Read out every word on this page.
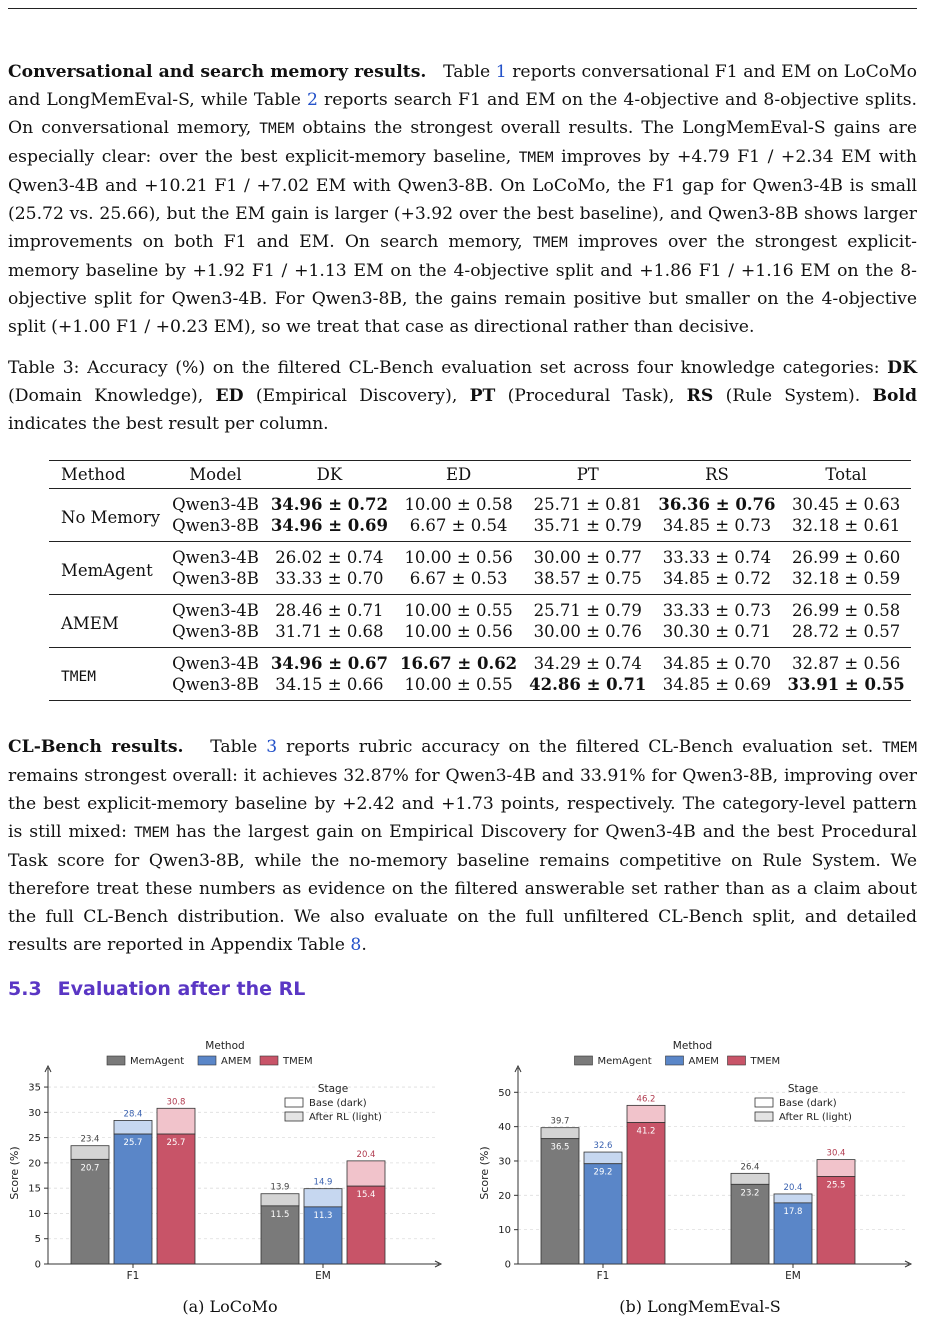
Conversational and search memory results. Table 1 reports conversational F1 and EM on LoCoMo and LongMemEval-S, while Table 2 reports search F1 and EM on the 4-objective and 8-objective splits. On conversational memory, TMEM obtains the strongest overall results. The LongMemEval-S gains are especially clear: over the best explicit-memory baseline, TMEM improves by +4.79 F1 / +2.34 EM with Qwen3-4B and +10.21 F1 / +7.02 EM with Qwen3-8B. On LoCoMo, the F1 gap for Qwen3-4B is small (25.72 vs. 25.66), but the EM gain is larger (+3.92 over the best baseline), and Qwen3-8B shows larger improvements on both F1 and EM. On search memory, TMEM improves over the strongest explicit-memory baseline by +1.92 F1 / +1.13 EM on the 4-objective split and +1.86 F1 / +1.16 EM on the 8-objective split for Qwen3-4B. For Qwen3-8B, the gains remain positive but smaller on the 4-objective split (+1.00 F1 / +0.23 EM), so we treat that case as directional rather than decisive.

Table 3: Accuracy (%) on the filtered CL-Bench evaluation set across four knowledge categories: DK (Domain Knowledge), ED (Empirical Discovery), PT (Procedural Task), RS (Rule System). Bold indicates the best result per column.

Method	Model	DK	ED	PT	RS	Total
No Memory	Qwen3-4B	34.96 ± 0.72	10.00 ± 0.58	25.71 ± 0.81	36.36 ± 0.76	30.45 ± 0.63
	Qwen3-8B	34.96 ± 0.69	6.67 ± 0.54	35.71 ± 0.79	34.85 ± 0.73	32.18 ± 0.61
MemAgent	Qwen3-4B	26.02 ± 0.74	10.00 ± 0.56	30.00 ± 0.77	33.33 ± 0.74	26.99 ± 0.60
	Qwen3-8B	33.33 ± 0.70	6.67 ± 0.53	38.57 ± 0.75	34.85 ± 0.72	32.18 ± 0.59
AMEM	Qwen3-4B	28.46 ± 0.71	10.00 ± 0.55	25.71 ± 0.79	33.33 ± 0.73	26.99 ± 0.58
	Qwen3-8B	31.71 ± 0.68	10.00 ± 0.56	30.00 ± 0.76	30.30 ± 0.71	28.72 ± 0.57
TMEM	Qwen3-4B	34.96 ± 0.67	16.67 ± 0.62	34.29 ± 0.74	34.85 ± 0.70	32.87 ± 0.56
	Qwen3-8B	34.15 ± 0.66	10.00 ± 0.55	42.86 ± 0.71	34.85 ± 0.69	33.91 ± 0.55

CL-Bench results. Table 3 reports rubric accuracy on the filtered CL-Bench evaluation set. TMEM remains strongest overall: it achieves 32.87% for Qwen3-4B and 33.91% for Qwen3-8B, improving over the best explicit-memory baseline by +2.42 and +1.73 points, respectively. The category-level pattern is still mixed: TMEM has the largest gain on Empirical Discovery for Qwen3-4B and the best Procedural Task score for Qwen3-8B, while the no-memory baseline remains competitive on Rule System. We therefore treat these numbers as evidence on the filtered answerable set rather than as a claim about the full CL-Bench distribution. We also evaluate on the full unfiltered CL-Bench split, and detailed results are reported in Appendix Table 8.

5.3 Evaluation after the RL
0
5
10
15
20
25
30
35
Score (%)
F1
23.4
20.7
28.4
25.7
30.8
25.7
EM
13.9
11.5
14.9
11.3
20.4
15.4
Method
MemAgent	AMEM	TMEM
Stage
Base (dark)
After RL (light)
0
10
20
30
40
50
Score (%)
F1
39.7
36.5	32.6
29.2
46.2
41.2
EM
26.4
23.2
20.4
17.8
30.4
25.5
Method
MemAgent	AMEM	TMEM
Stage
Base (dark)
After RL (light)
(a) LoCoMo	(b) LongMemEval-S
